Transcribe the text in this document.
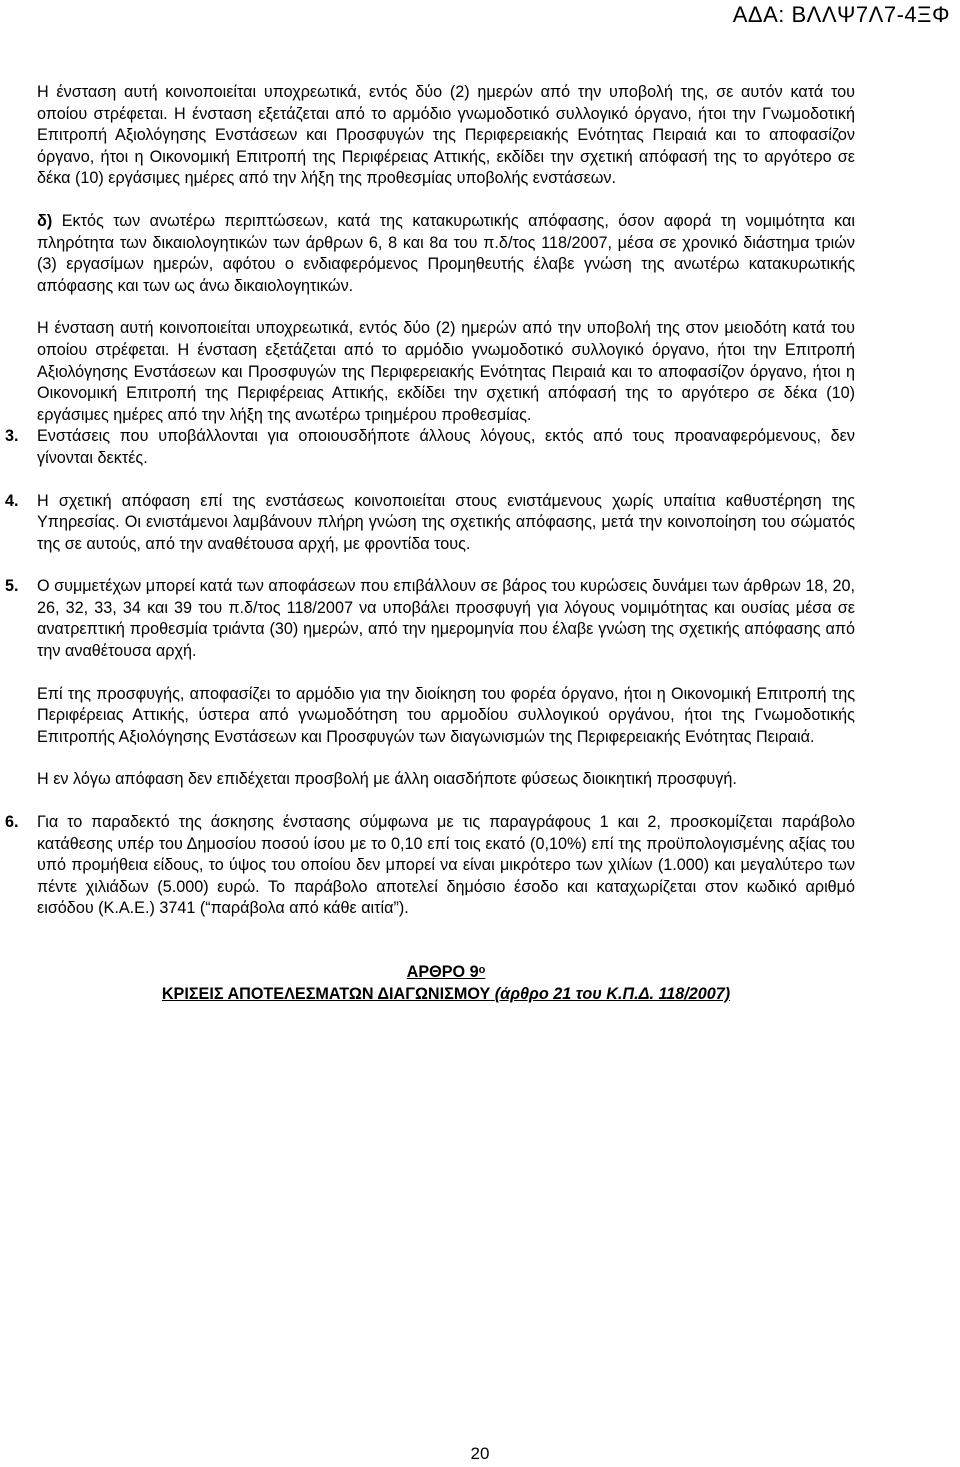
ΑΔΑ: ΒΛΛΨ7Λ7-4ΞΦ

Η ένσταση αυτή κοινοποιείται υποχρεωτικά, εντός δύο (2) ημερών από την υποβολή της, σε αυτόν κατά του οποίου στρέφεται. Η ένσταση εξετάζεται από το αρμόδιο γνωμοδοτικό συλλογικό όργανο, ήτοι την Γνωμοδοτική Επιτροπή Αξιολόγησης Ενστάσεων και Προσφυγών της Περιφερειακής Ενότητας Πειραιά και το αποφασίζον όργανο, ήτοι η Οικονομική Επιτροπή της Περιφέρειας Αττικής, εκδίδει την σχετική απόφασή της το αργότερο σε δέκα (10) εργάσιμες ημέρες από την λήξη της προθεσμίας υποβολής ενστάσεων.

δ) Εκτός των ανωτέρω περιπτώσεων, κατά της κατακυρωτικής απόφασης, όσον αφορά τη νομιμότητα και πληρότητα των δικαιολογητικών των άρθρων 6, 8 και 8α του π.δ/τος 118/2007, μέσα σε χρονικό διάστημα τριών (3) εργασίμων ημερών, αφότου ο ενδιαφερόμενος Προμηθευτής έλαβε γνώση της ανωτέρω κατακυρωτικής απόφασης και των ως άνω δικαιολογητικών.

Η ένσταση αυτή κοινοποιείται υποχρεωτικά, εντός δύο (2) ημερών από την υποβολή της στον μειοδότη κατά του οποίου στρέφεται. Η ένσταση εξετάζεται από το αρμόδιο γνωμοδοτικό συλλογικό όργανο, ήτοι την Επιτροπή Αξιολόγησης Ενστάσεων και Προσφυγών της Περιφερειακής Ενότητας Πειραιά και το αποφασίζον όργανο, ήτοι η Οικονομική Επιτροπή της Περιφέρειας Αττικής, εκδίδει την σχετική απόφασή της το αργότερο σε δέκα (10) εργάσιμες ημέρες από την λήξη της ανωτέρω τριημέρου προθεσμίας.

3. Ενστάσεις που υποβάλλονται για οποιουσδήποτε άλλους λόγους, εκτός από τους προαναφερόμενους, δεν γίνονται δεκτές.

4. Η σχετική απόφαση επί της ενστάσεως κοινοποιείται στους ενιστάμενους χωρίς υπαίτια καθυστέρηση της Υπηρεσίας. Οι ενιστάμενοι λαμβάνουν πλήρη γνώση της σχετικής απόφασης, μετά την κοινοποίηση του σώματός της σε αυτούς, από την αναθέτουσα αρχή, με φροντίδα τους.

5. Ο συμμετέχων μπορεί κατά των αποφάσεων που επιβάλλουν σε βάρος του κυρώσεις δυνάμει των άρθρων 18, 20, 26, 32, 33, 34 και 39 του π.δ/τος 118/2007 να υποβάλει προσφυγή για λόγους νομιμότητας και ουσίας μέσα σε ανατρεπτική προθεσμία τριάντα (30) ημερών, από την ημερομηνία που έλαβε γνώση της σχετικής απόφασης από την αναθέτουσα αρχή.

Επί της προσφυγής, αποφασίζει το αρμόδιο για την διοίκηση του φορέα όργανο, ήτοι η Οικονομική Επιτροπή της Περιφέρειας Αττικής, ύστερα από γνωμοδότηση του αρμοδίου συλλογικού οργάνου, ήτοι της Γνωμοδοτικής Επιτροπής Αξιολόγησης Ενστάσεων και Προσφυγών των διαγωνισμών της Περιφερειακής Ενότητας Πειραιά.

Η εν λόγω απόφαση δεν επιδέχεται προσβολή με άλλη οιασδήποτε φύσεως διοικητική προσφυγή.

6. Για το παραδεκτό της άσκησης ένστασης σύμφωνα με τις παραγράφους 1 και 2, προσκομίζεται παράβολο κατάθεσης υπέρ του Δημοσίου ποσού ίσου με το 0,10 επί τοις εκατό (0,10%) επί της προϋπολογισμένης αξίας του υπό προμήθεια είδους, το ύψος του οποίου δεν μπορεί να είναι μικρότερο των χιλίων (1.000) και μεγαλύτερο των πέντε χιλιάδων (5.000) ευρώ. Το παράβολο αποτελεί δημόσιο έσοδο και καταχωρίζεται στον κωδικό αριθμό εισόδου (Κ.Α.Ε.) 3741 (“παράβολα από κάθε αιτία”).

ΑΡΘΡΟ $9^o$

ΚΡΙΣΕΙΣ ΑΠΟΤΕΛΕΣΜΑΤΩΝ ΔΙΑΓΩΝΙΣΜΟΥ (άρθρο 21 του Κ.Π.Δ. 118/2007)

20
